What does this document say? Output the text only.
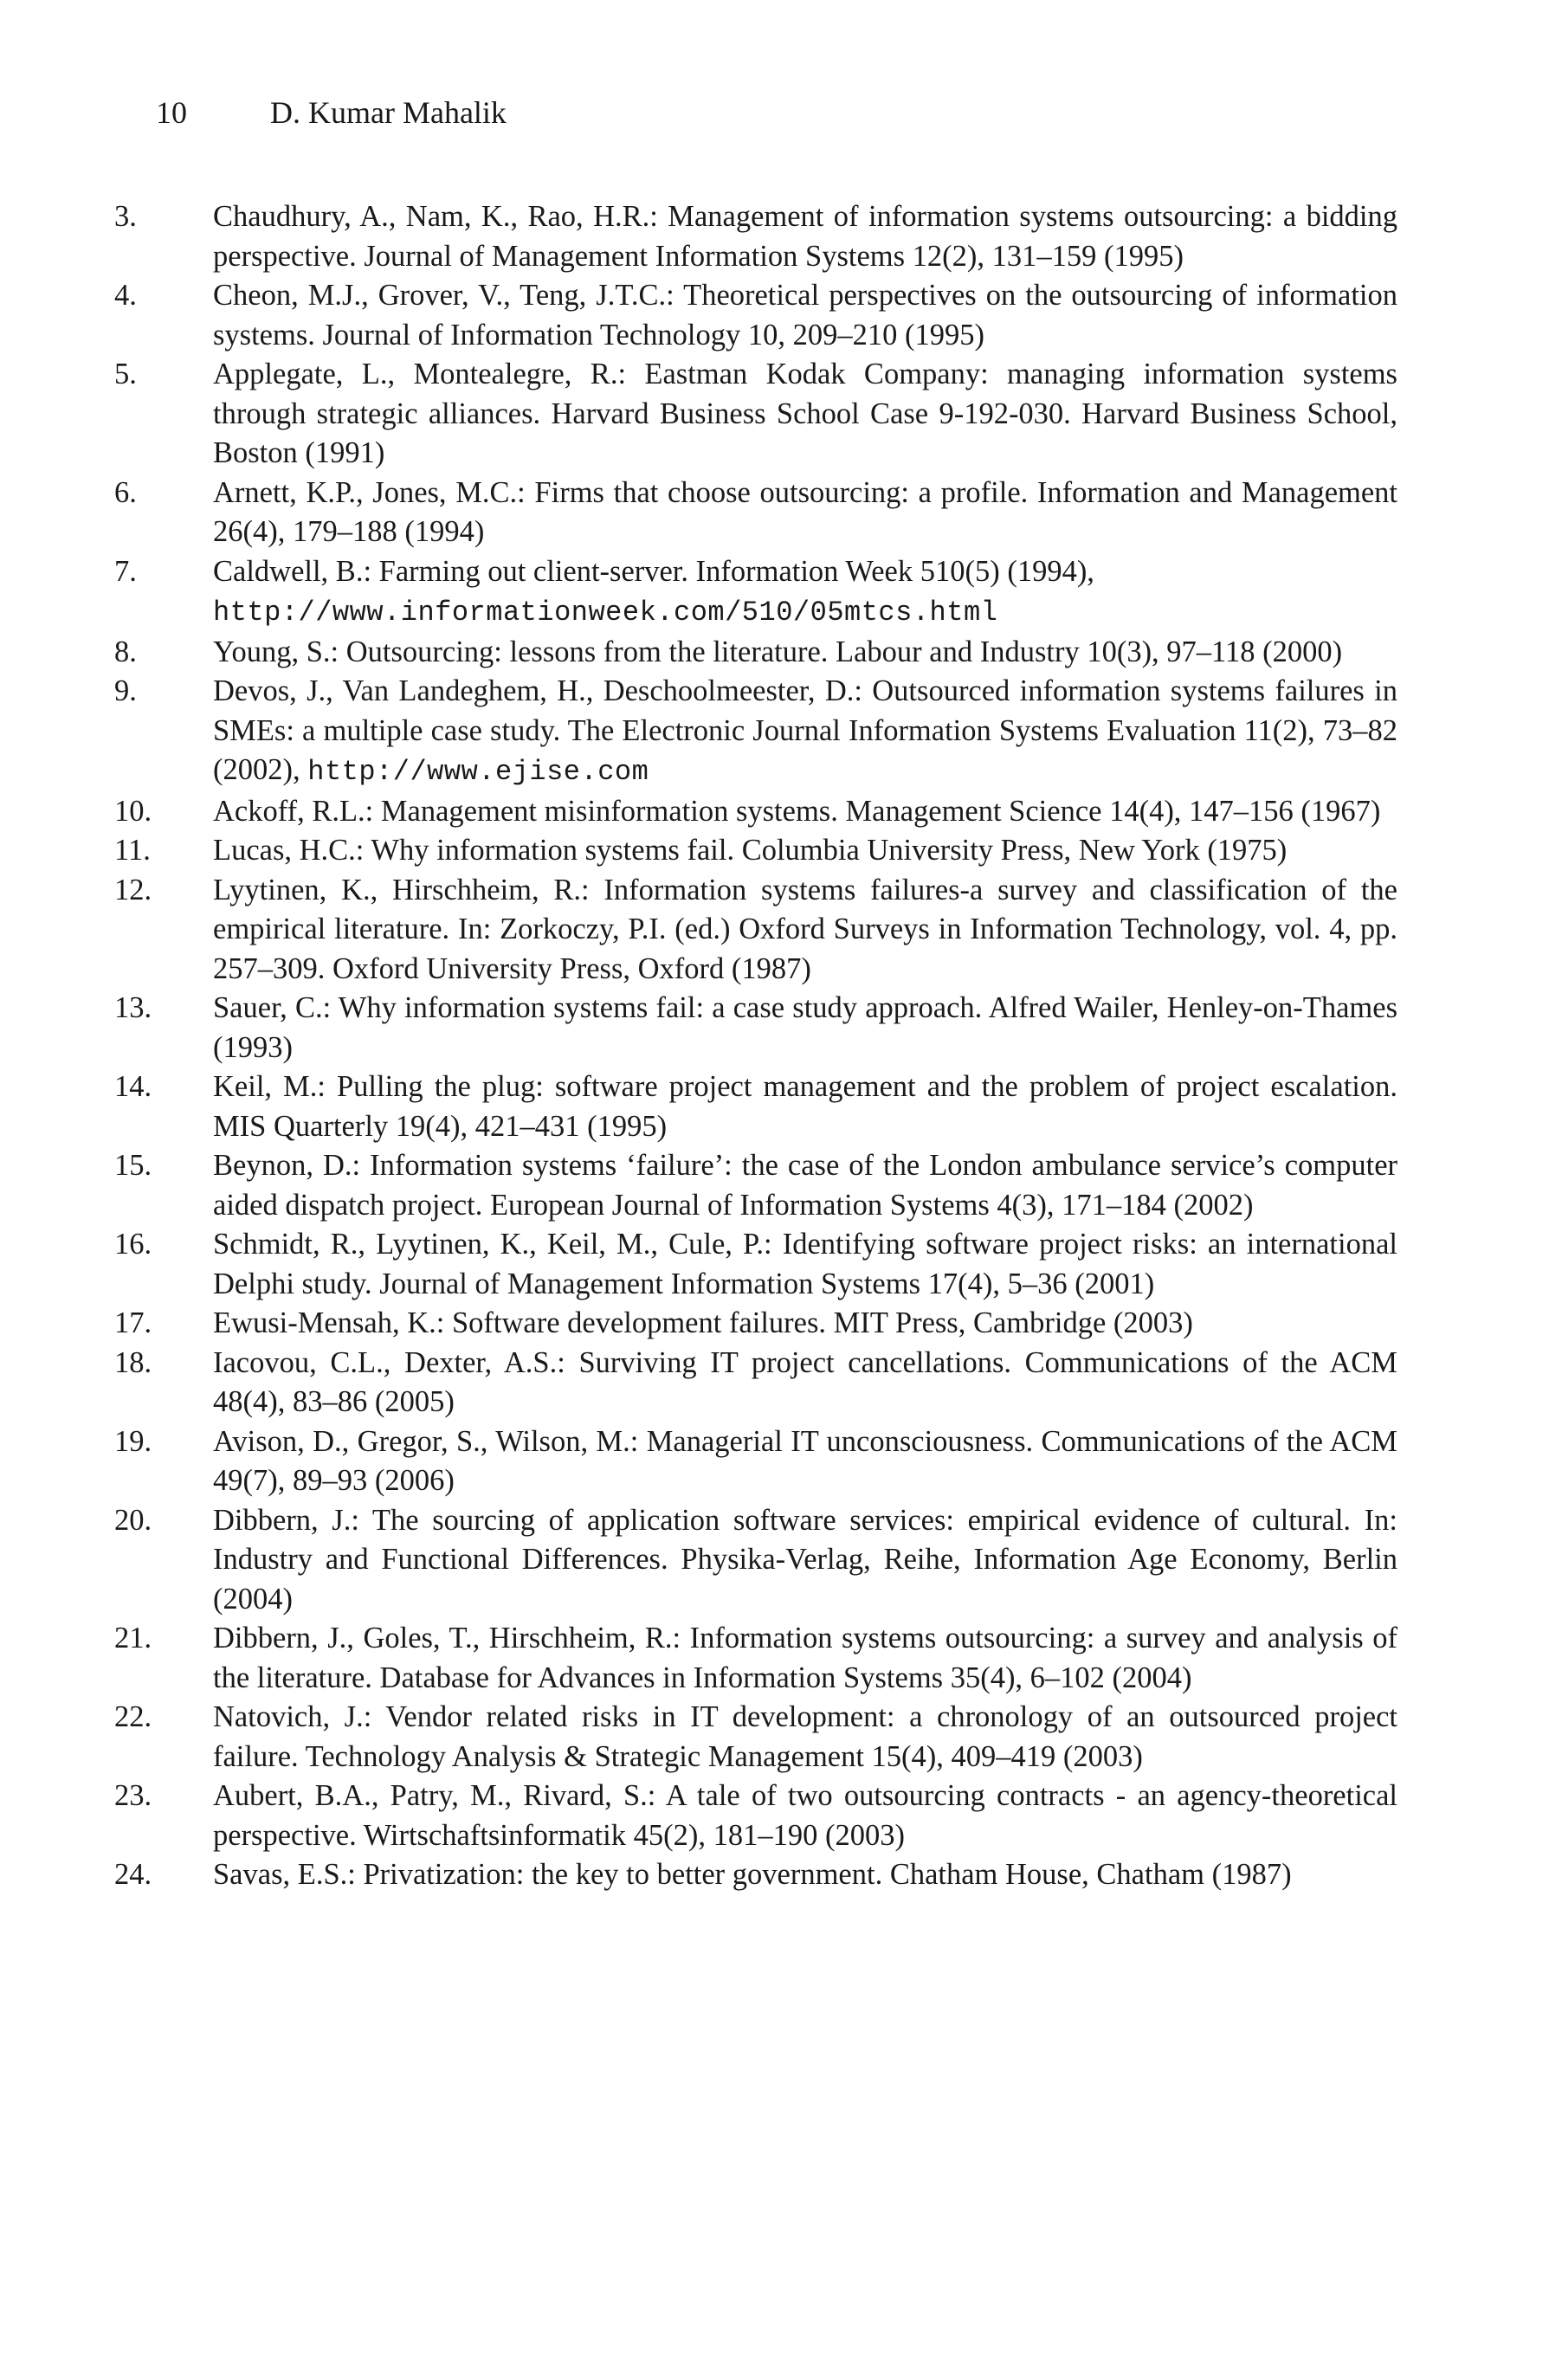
10	D. Kumar Mahalik
3.	Chaudhury, A., Nam, K., Rao, H.R.: Management of information systems outsourcing: a bidding perspective. Journal of Management Information Systems 12(2), 131–159 (1995)
4.	Cheon, M.J., Grover, V., Teng, J.T.C.: Theoretical perspectives on the outsourcing of information systems. Journal of Information Technology 10, 209–210 (1995)
5.	Applegate, L., Montealegre, R.: Eastman Kodak Company: managing information systems through strategic alliances. Harvard Business School Case 9-192-030. Harvard Business School, Boston (1991)
6.	Arnett, K.P., Jones, M.C.: Firms that choose outsourcing: a profile. Information and Management 26(4), 179–188 (1994)
7.	Caldwell, B.: Farming out client-server. Information Week 510(5) (1994),
http://www.informationweek.com/510/05mtcs.html
8.	Young, S.: Outsourcing: lessons from the literature. Labour and Industry 10(3), 97–118 (2000)
9.	Devos, J., Van Landeghem, H., Deschoolmeester, D.: Outsourced information systems failures in SMEs: a multiple case study. The Electronic Journal Information Systems Evaluation 11(2), 73–82 (2002), http://www.ejise.com
10.	Ackoff, R.L.: Management misinformation systems. Management Science 14(4), 147–156 (1967)
11.	Lucas, H.C.: Why information systems fail. Columbia University Press, New York (1975)
12.	Lyytinen, K., Hirschheim, R.: Information systems failures-a survey and classification of the empirical literature. In: Zorkoczy, P.I. (ed.) Oxford Surveys in Information Technology, vol. 4, pp. 257–309. Oxford University Press, Oxford (1987)
13.	Sauer, C.: Why information systems fail: a case study approach. Alfred Wailer, Henley-on-Thames (1993)
14.	Keil, M.: Pulling the plug: software project management and the problem of project escalation. MIS Quarterly 19(4), 421–431 (1995)
15.	Beynon, D.: Information systems ‘failure’: the case of the London ambulance service’s computer aided dispatch project. European Journal of Information Systems 4(3), 171–184 (2002)
16.	Schmidt, R., Lyytinen, K., Keil, M., Cule, P.: Identifying software project risks: an international Delphi study. Journal of Management Information Systems 17(4), 5–36 (2001)
17.	Ewusi-Mensah, K.: Software development failures. MIT Press, Cambridge (2003)
18.	Iacovou, C.L., Dexter, A.S.: Surviving IT project cancellations. Communications of the ACM 48(4), 83–86 (2005)
19.	Avison, D., Gregor, S., Wilson, M.: Managerial IT unconsciousness. Communications of the ACM 49(7), 89–93 (2006)
20.	Dibbern, J.: The sourcing of application software services: empirical evidence of cultural. In: Industry and Functional Differences. Physika-Verlag, Reihe, Information Age Economy, Berlin (2004)
21.	Dibbern, J., Goles, T., Hirschheim, R.: Information systems outsourcing: a survey and analysis of the literature. Database for Advances in Information Systems 35(4), 6–102 (2004)
22.	Natovich, J.: Vendor related risks in IT development: a chronology of an outsourced project failure. Technology Analysis & Strategic Management 15(4), 409–419 (2003)
23.	Aubert, B.A., Patry, M., Rivard, S.: A tale of two outsourcing contracts - an agency-theoretical perspective. Wirtschaftsinformatik 45(2), 181–190 (2003)
24.	Savas, E.S.: Privatization: the key to better government. Chatham House, Chatham (1987)
